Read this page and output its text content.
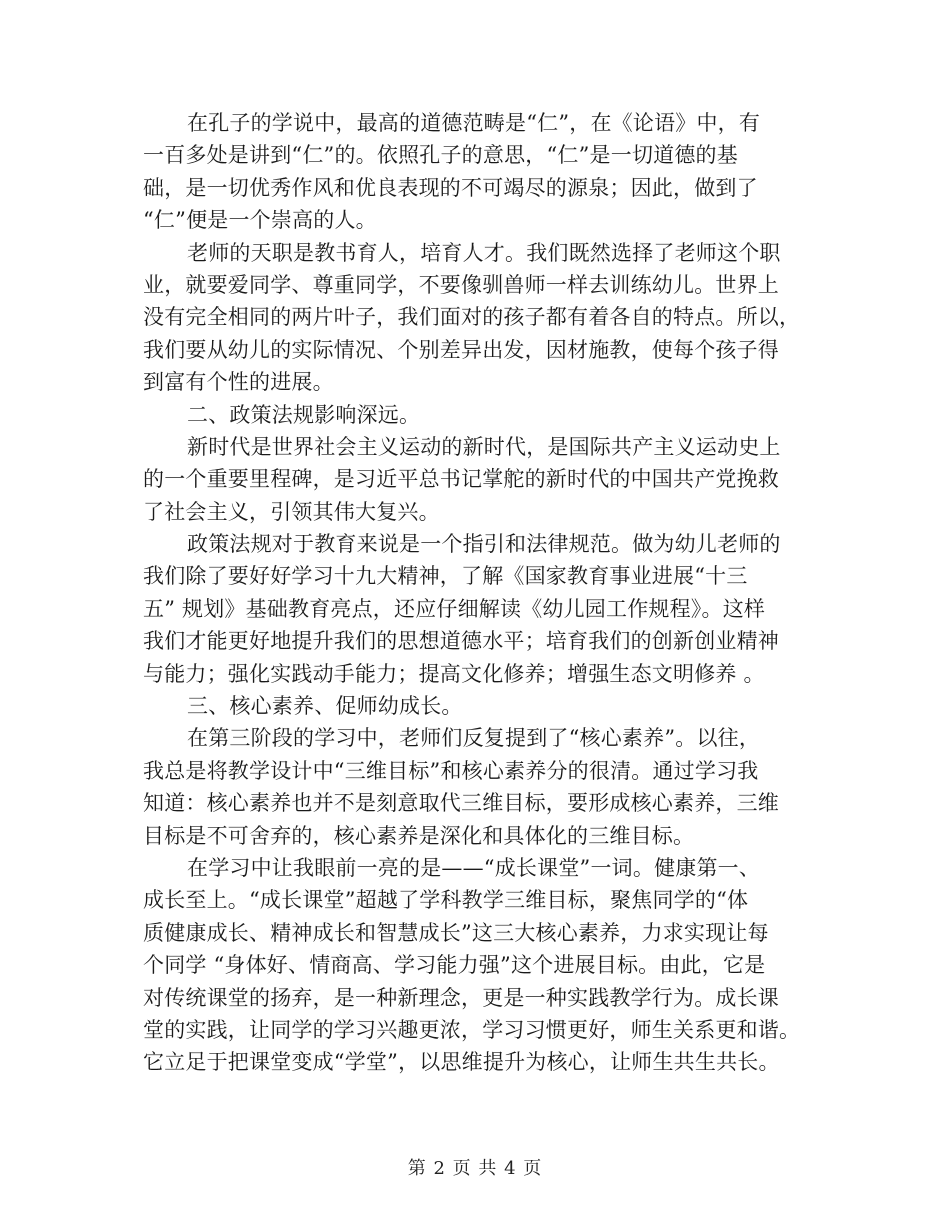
在孔子的学说中，最高的道德范畴是“仁”，在《论语》中，有
一百多处是讲到“仁”的。依照孔子的意思，“仁”是一切道德的基
础，是一切优秀作风和优良表现的不可竭尽的源泉；因此，做到了
“仁”便是一个崇高的人。
老师的天职是教书育人，培育人才。我们既然选择了老师这个职
业，就要爱同学、尊重同学，不要像驯兽师一样去训练幼儿。世界上
没有完全相同的两片叶子，我们面对的孩子都有着各自的特点。所以，
我们要从幼儿的实际情况、个别差异出发，因材施教，使每个孩子得
到富有个性的进展。
二、政策法规影响深远。
新时代是世界社会主义运动的新时代，是国际共产主义运动史上
的一个重要里程碑，是习近平总书记掌舵的新时代的中国共产党挽救
了社会主义，引领其伟大复兴。
政策法规对于教育来说是一个指引和法律规范。做为幼儿老师的
我们除了要好好学习十九大精神，了解《国家教育事业进展“十三
五” 规划》基础教育亮点，还应仔细解读《幼儿园工作规程》。这样
我们才能更好地提升我们的思想道德水平；培育我们的创新创业精神
与能力；强化实践动手能力；提高文化修养；增强生态文明修养 。
三、核心素养、促师幼成长。
在第三阶段的学习中，老师们反复提到了“核心素养”。以往，
我总是将教学设计中“三维目标”和核心素养分的很清。通过学习我
知道：核心素养也并不是刻意取代三维目标，要形成核心素养，三维
目标是不可舍弃的，核心素养是深化和具体化的三维目标。
在学习中让我眼前一亮的是——“成长课堂”一词。健康第一、
成长至上。“成长课堂”超越了学科教学三维目标，聚焦同学的“体
质健康成长、精神成长和智慧成长”这三大核心素养，力求实现让每
个同学 “身体好、情商高、学习能力强”这个进展目标。由此，它是
对传统课堂的扬弃，是一种新理念，更是一种实践教学行为。成长课
堂的实践，让同学的学习兴趣更浓，学习习惯更好，师生关系更和谐。
它立足于把课堂变成“学堂”，以思维提升为核心，让师生共生共长。
第 2 页 共 4 页
